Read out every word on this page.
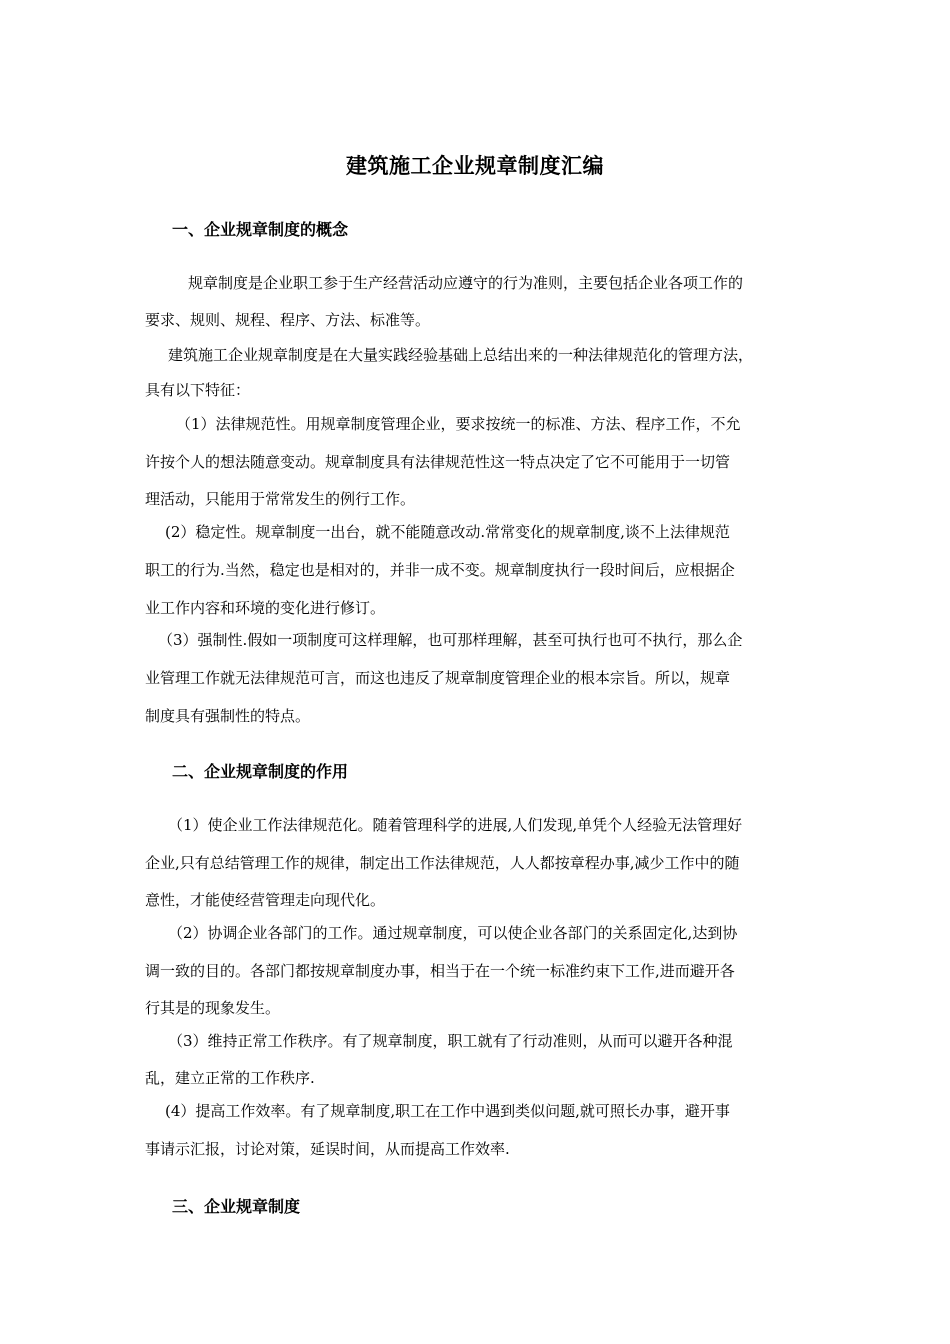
建筑施工企业规章制度汇编
一、企业规章制度的概念
规章制度是企业职工参于生产经营活动应遵守的行为准则，主要包括企业各项工作的
要求、规则、规程、程序、方法、标准等。
建筑施工企业规章制度是在大量实践经验基础上总结出来的一种法律规范化的管理方法，
具有以下特征：
（1）法律规范性。用规章制度管理企业，要求按统一的标准、方法、程序工作，不允
许按个人的想法随意变动。规章制度具有法律规范性这一特点决定了它不可能用于一切管
理活动，只能用于常常发生的例行工作。
(2）稳定性。规章制度一出台，就不能随意改动.常常变化的规章制度,谈不上法律规范
职工的行为.当然，稳定也是相对的，并非一成不变。规章制度执行一段时间后，应根据企
业工作内容和环境的变化进行修订。
（3）强制性.假如一项制度可这样理解，也可那样理解，甚至可执行也可不执行，那么企
业管理工作就无法律规范可言，而这也违反了规章制度管理企业的根本宗旨。所以，规章
制度具有强制性的特点。
二、企业规章制度的作用
（1）使企业工作法律规范化。随着管理科学的进展,人们发现,单凭个人经验无法管理好
企业,只有总结管理工作的规律，制定出工作法律规范，人人都按章程办事,减少工作中的随
意性，才能使经营管理走向现代化。
（2）协调企业各部门的工作。通过规章制度，可以使企业各部门的关系固定化,达到协
调一致的目的。各部门都按规章制度办事，相当于在一个统一标准约束下工作,进而避开各
行其是的现象发生。
（3）维持正常工作秩序。有了规章制度，职工就有了行动准则，从而可以避开各种混
乱，建立正常的工作秩序.
(4）提高工作效率。有了规章制度,职工在工作中遇到类似问题,就可照长办事，避开事
事请示汇报，讨论对策，延误时间，从而提高工作效率.
三、企业规章制度
